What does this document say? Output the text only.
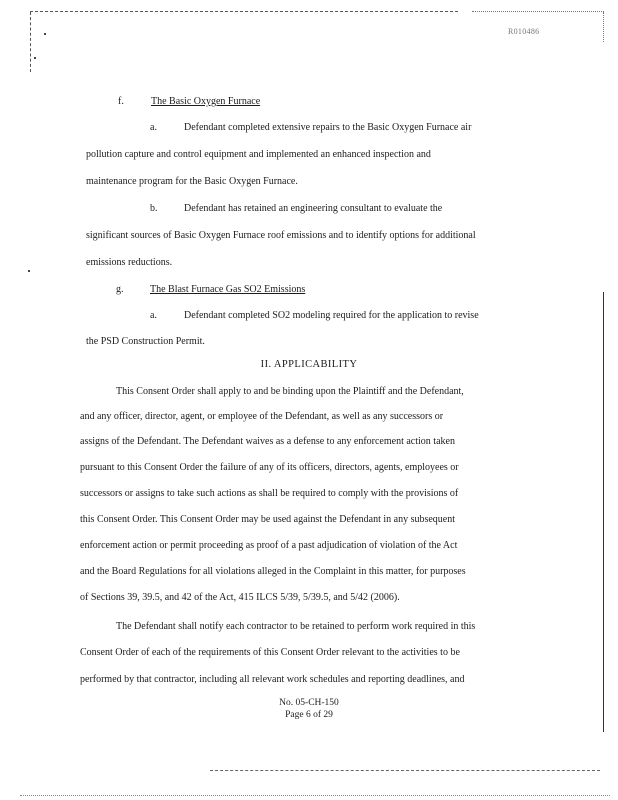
R010486
f.	The Basic Oxygen Furnace
a.	Defendant completed extensive repairs to the Basic Oxygen Furnace air
pollution capture and control equipment and implemented an enhanced inspection and
maintenance program for the Basic Oxygen Furnace.
b.	Defendant has retained an engineering consultant to evaluate the
significant sources of Basic Oxygen Furnace roof emissions and to identify options for additional
emissions reductions.
g.	The Blast Furnace Gas SO2 Emissions
a.	Defendant completed SO2 modeling required for the application to revise
the PSD Construction Permit.
II. APPLICABILITY
This Consent Order shall apply to and be binding upon the Plaintiff and the Defendant,
and any officer, director, agent, or employee of the Defendant, as well as any successors or
assigns of the Defendant. The Defendant waives as a defense to any enforcement action taken
pursuant to this Consent Order the failure of any of its officers, directors, agents, employees or
successors or assigns to take such actions as shall be required to comply with the provisions of
this Consent Order. This Consent Order may be used against the Defendant in any subsequent
enforcement action or permit proceeding as proof of a past adjudication of violation of the Act
and the Board Regulations for all violations alleged in the Complaint in this matter, for purposes
of Sections 39, 39.5, and 42 of the Act, 415 ILCS 5/39, 5/39.5, and 5/42 (2006).
The Defendant shall notify each contractor to be retained to perform work required in this
Consent Order of each of the requirements of this Consent Order relevant to the activities to be
performed by that contractor, including all relevant work schedules and reporting deadlines, and
No. 05-CH-150
Page 6 of 29
